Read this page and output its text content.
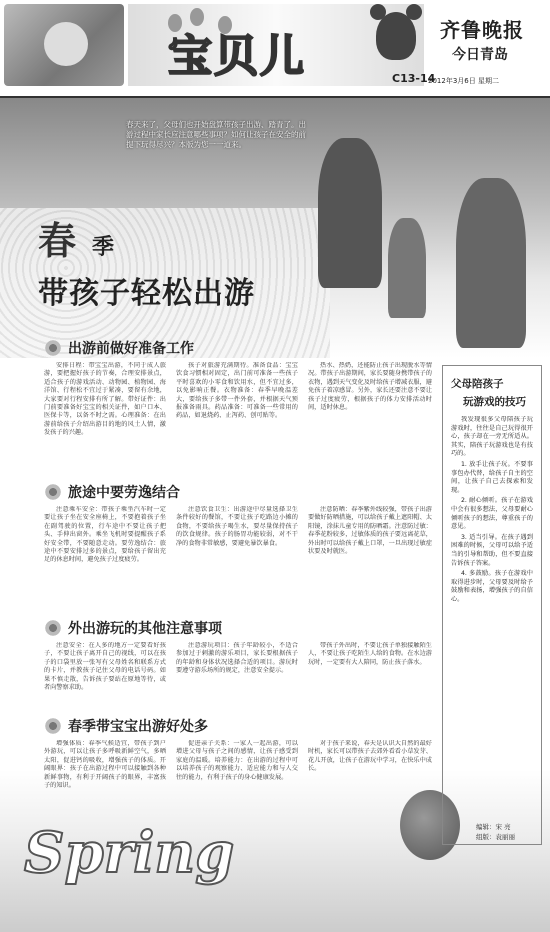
宝贝儿	C13-14
齐鲁晚报
今日青岛
2012年3月6日 星期二
春天来了，父母们也开始盘算带孩子出游、踏青了。出游过程中家长应注意哪些事项？如何让孩子在安全的前提下玩得尽兴？本版为您一一道来。
春 季
带孩子轻松出游
出游前做好准备工作

安排日程：带宝宝出游，不同于成人旅游，要把握好孩子的节奏，合理安排景点，适合孩子的游戏活动、动物园、植物园、海洋馆、行程松不宜过于紧凑，要留有余地，大家要对行程安排有所了解。带好证件：出门前要准备好宝宝的相关证件，如户口本、医保卡等，以备不时之需。心理准备：在出游前给孩子介绍出游目的地的风土人情，激发孩子的兴趣。

孩子对旅游充满期待。准备食品：宝宝饮食习惯相对固定，出门前可准备一些孩子平时喜欢的小零食和饮用水，但不宜过多，以免影响正餐。衣物准备：春季早晚温差大，要给孩子多带一件外套，并根据天气预报准备雨具。药品准备：可准备一些常用的药品，如退烧药、止泻药、创可贴等。

热水、热奶，还能防止孩子出现脱水等情况。带孩子出游期间，家长要随身携带孩子的衣物，遇到天气变化及时给孩子增减衣服，避免孩子着凉感冒。另外，家长还要注意不要让孩子过度疲劳，根据孩子的体力安排活动时间，适时休息。

旅途中要劳逸结合

注意乘车安全：带孩子乘坐汽车时一定要让孩子坐在安全座椅上，不要抱着孩子坐在副驾驶的位置，行车途中不要让孩子把头、手伸出窗外。乘坐飞机时要提醒孩子系好安全带，不要随意走动。要劳逸结合：旅途中不要安排过多的景点，要给孩子留出充足的休息时间，避免孩子过度疲劳。

注意饮食卫生：出游途中尽量选择卫生条件较好的餐馆，不要让孩子吃路边小摊的食物，不要给孩子喝生水，要尽量保持孩子的饮食规律。孩子的肠胃功能较弱，对不干净的食物非常敏感，要避免暴饮暴食。

注意防晒：春季紫外线较强，带孩子出游要做好防晒措施，可以给孩子戴上遮阳帽、太阳镜，涂抹儿童专用的防晒霜。注意防过敏：春季花粉较多，过敏体质的孩子要远离花草，外出时可以给孩子戴上口罩，一旦出现过敏症状要及时就医。

外出游玩的其他注意事项

注意安全：在人多的地方一定要看好孩子，不要让孩子离开自己的视线，可以在孩子的口袋里放一张写有父母姓名和联系方式的卡片，并教孩子记住父母的电话号码。如果不慎走散，告诉孩子要站在原地等待，或者向警察求助。

注意游玩项目：孩子年龄较小，不适合参加过于刺激的游乐项目，家长要根据孩子的年龄和身体状况选择合适的项目。游玩时要遵守游乐场所的规定，注意安全提示。

带孩子外出时，不要让孩子单独接触陌生人，不要让孩子吃陌生人给的食物。在水边游玩时，一定要有大人陪同，防止孩子落水。

春季带宝宝出游好处多

增强体质：春季气候适宜，带孩子到户外游玩，可以让孩子多呼吸新鲜空气，多晒太阳，促进钙的吸收，增强孩子的体质。开阔眼界：孩子在出游过程中可以接触到各种新鲜事物，有利于开阔孩子的眼界，丰富孩子的知识。

促进亲子关系：一家人一起出游，可以增进父母与孩子之间的感情，让孩子感受到家庭的温暖。培养能力：在出游的过程中可以培养孩子的观察能力、适应能力和与人交往的能力，有利于孩子的身心健康发展。

对于孩子来说，春天是认识大自然的最好时机，家长可以带孩子去郊外看看小草发芽、花儿开放，让孩子在游玩中学习，在快乐中成长。

Spring
父母陪孩子
玩游戏的技巧

我发现很多父母陪孩子玩游戏时，往往是自己玩得很开心，孩子却在一旁无所适从。其实，陪孩子玩游戏也是有技巧的。

1. 放手让孩子玩。不要事事包办代替，给孩子自主的空间，让孩子自己去探索和发现。

2. 耐心倾听。孩子在游戏中会有很多想法，父母要耐心倾听孩子的想法，尊重孩子的意见。

3. 适当引导。在孩子遇到困难的时候，父母可以给予适当的引导和帮助，但不要直接告诉孩子答案。

4. 多鼓励。孩子在游戏中取得进步时，父母要及时给予鼓励和表扬，增强孩子的自信心。

编辑：宋 亮
组版：袁丽丽
